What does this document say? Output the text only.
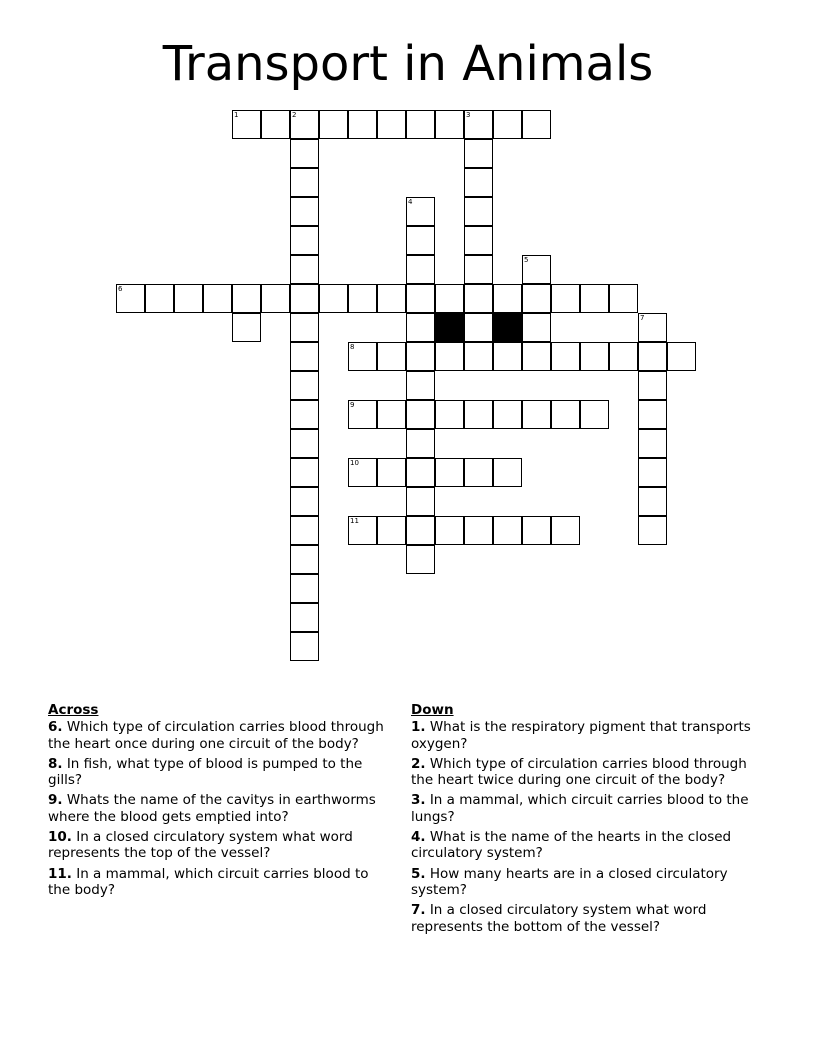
Transport in Animals
1	2	3
4
5
6
7
8
9
10
11
Across
6. Which type of circulation carries blood through the heart once during one circuit of the body?
8. In fish, what type of blood is pumped to the gills?
9. Whats the name of the cavitys in earthworms where the blood gets emptied into?
10. In a closed circulatory system what word represents the top of the vessel?
11. In a mammal, which circuit carries blood to the body?
Down
1. What is the respiratory pigment that transports oxygen?
2. Which type of circulation carries blood through the heart twice during one circuit of the body?
3. In a mammal, which circuit carries blood to the lungs?
4. What is the name of the hearts in the closed circulatory system?
5. How many hearts are in a closed circulatory system?
7. In a closed circulatory system what word represents the bottom of the vessel?
